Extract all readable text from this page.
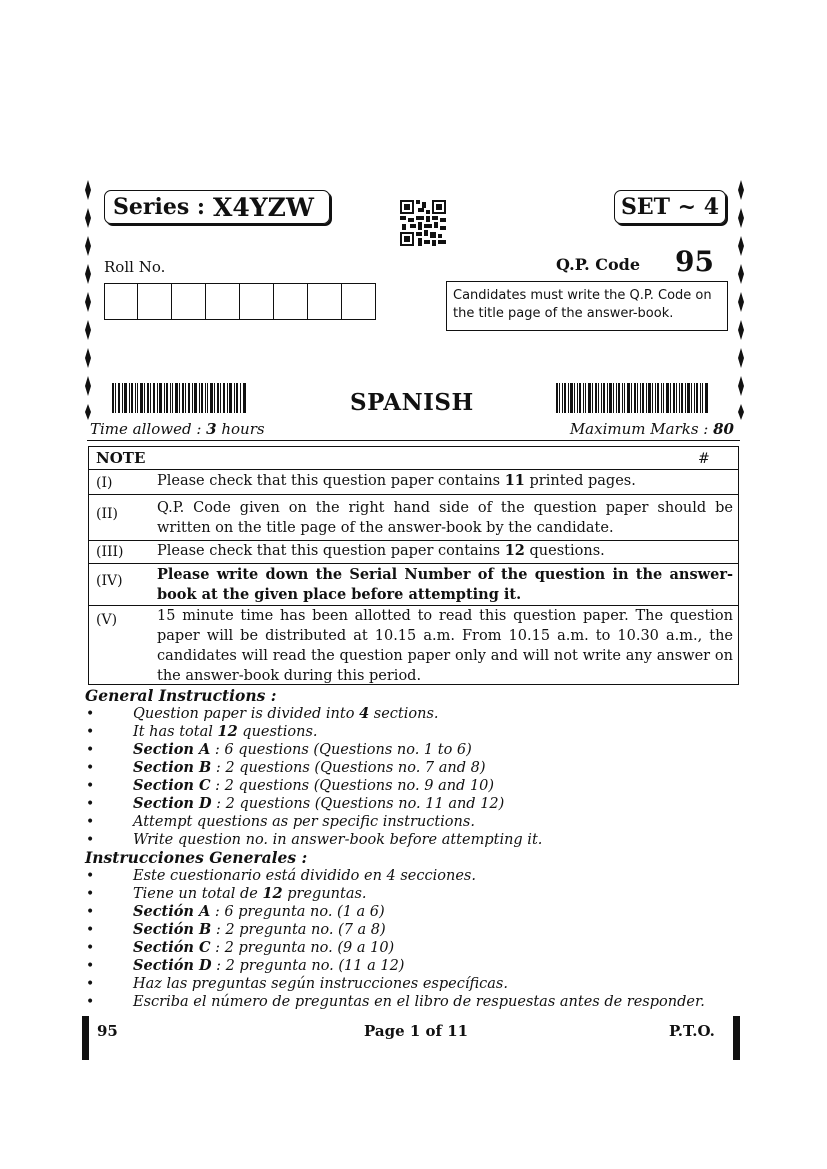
Series : X4YZW	SET ~ 4
Roll No.	Q.P. Code 95
Candidates must write the Q.P. Code on the title page of the answer-book.
SPANISH
Time allowed : 3 hours	Maximum Marks : 80
NOTE	#
(I)	Please check that this question paper contains 11 printed pages.
(II)	Q.P. Code given on the right hand side of the question paper should be written on the title page of the answer-book by the candidate.
(III) Please check that this question paper contains 12 questions.
(IV) Please write down the Serial Number of the question in the answer-book at the given place before attempting it.
(V)	15 minute time has been allotted to read this question paper. The question paper will be distributed at 10.15 a.m. From 10.15 a.m. to 10.30 a.m., the candidates will read the question paper only and will not write any answer on the answer-book during this period.
General Instructions :
•	Question paper is divided into 4 sections.
•	It has total 12 questions.
•	Section A : 6 questions (Questions no. 1 to 6)
•	Section B : 2 questions (Questions no. 7 and 8)
•	Section C : 2 questions (Questions no. 9 and 10)
•	Section D : 2 questions (Questions no. 11 and 12)
•	Attempt questions as per specific instructions.
•	Write question no. in answer-book before attempting it.
Instrucciones Generales :
•	Este cuestionario está dividido en 4 secciones.
•	Tiene un total de 12 preguntas.
•	Sectión A : 6 pregunta no. (1 a 6)
•	Sectión B : 2 pregunta no. (7 a 8)
•	Sectión C : 2 pregunta no. (9 a 10)
•	Sectión D : 2 pregunta no. (11 a 12)
•	Haz las preguntas según instrucciones específicas.
•	Escriba el número de preguntas en el libro de respuestas antes de responder.
95	Page 1 of 11	P.T.O.
